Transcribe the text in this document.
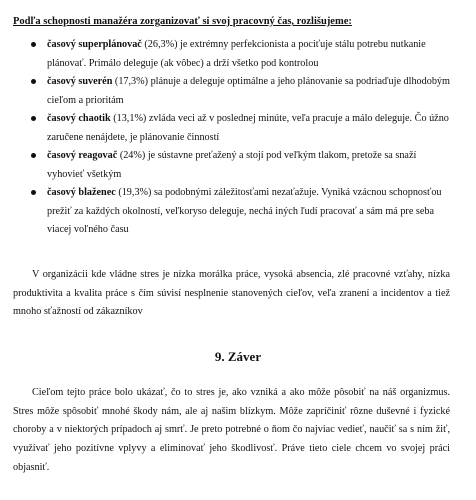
Podľa schopnosti manažéra zorganizovať si svoj pracovný čas, rozlišujeme:
časový superplánovač (26,3%) je extrémny perfekcionista a pociťuje stálu potrebu nutkanie plánovať. Primálo deleguje (ak vôbec) a drží všetko pod kontrolou
časový suverén (17,3%) plánuje a deleguje optimálne a jeho plánovanie sa podriaďuje dlhodobým cieľom a prioritám
časový chaotik (13,1%) zvláda veci až v poslednej minúte, veľa pracuje a málo deleguje. Čo úžno zaručene nenájdete, je plánovanie činností
časový reagovač (24%) je sústavne preťažený a stojí pod veľkým tlakom, pretože sa snaží vyhovieť všetkým
časový blaženec (19,3%) sa podobnými záležitosťami nezaťažuje. Vyniká vzácnou schopnosťou prežiť za každých okolností, veľkoryso deleguje, nechá iných ľudí pracovať a sám má pre seba viacej voľného času

V organizácii kde vládne stres je nízka morálka práce, vysoká absencia, zlé pracovné vzťahy, nízka produktivita a kvalita práce s čím súvisí nesplnenie stanovených cieľov, veľa zranení a incidentov a tiež mnoho sťažností od zákazníkov

9. Záver

Cieľom tejto práce bolo ukázať, čo to stres je, ako vzniká a ako môže pôsobiť na náš organizmus. Stres môže spôsobiť mnohé škody nám, ale aj našim blízkym. Môže zapríčiniť rôzne duševné i fyzické choroby a v niektorých prípadoch aj smrť. Je preto potrebné o ňom čo najviac vedieť, naučiť sa s ním žiť, využívať jeho pozitívne vplyvy a eliminovať jeho škodlivosť. Práve tieto ciele chcem vo svojej práci objasniť.
